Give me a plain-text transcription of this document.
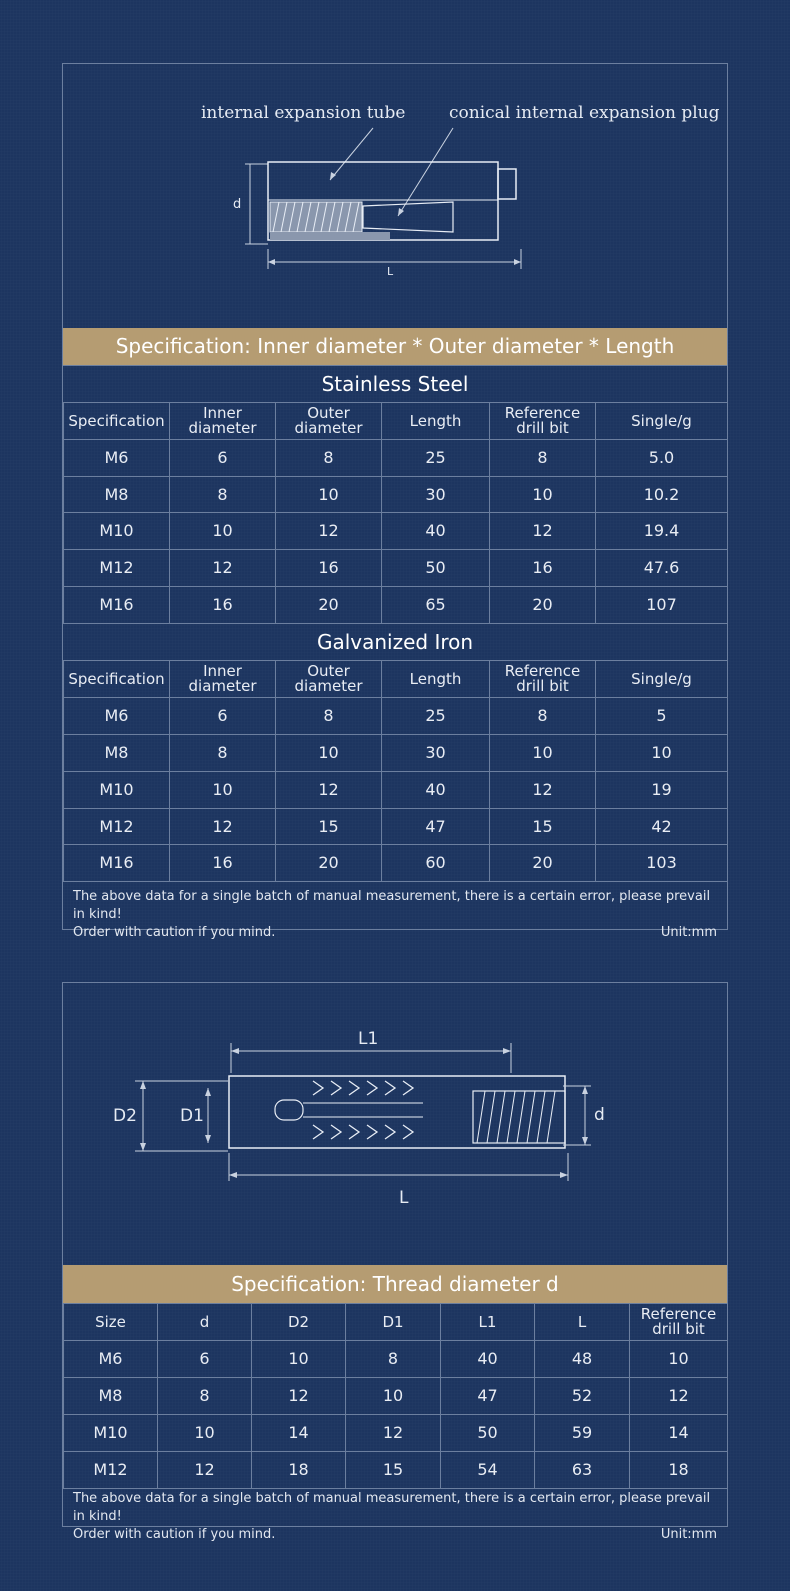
internal expansion tube	conical internal expansion plug
d
L
Specification: Inner diameter * Outer diameter * Length
Stainless Steel
Specification	Inner diameter	Outer diameter	Length	Reference drill bit	Single/g
M6	6	8	25	8	5.0
M8	8	10	30	10	10.2
M10	10	12	40	12	19.4
M12	12	16	50	16	47.6
M16	16	20	65	20	107
Galvanized Iron
Specification	Inner diameter	Outer diameter	Length	Reference drill bit	Single/g
M6	6	8	25	8	5
M8	8	10	30	10	10
M10	10	12	40	12	19
M12	12	15	47	15	42
M16	16	20	60	20	103
The above data for a single batch of manual measurement, there is a certain error, please prevail in kind!
Order with caution if you mind.	Unit:mm
L1
D2	D1	d
L
Specification: Thread diameter d
Size	d	D2	D1	L1	L	Reference drill bit
M6	6	10	8	40	48	10
M8	8	12	10	47	52	12
M10	10	14	12	50	59	14
M12	12	18	15	54	63	18
The above data for a single batch of manual measurement, there is a certain error, please prevail in kind!
Order with caution if you mind.	Unit:mm
